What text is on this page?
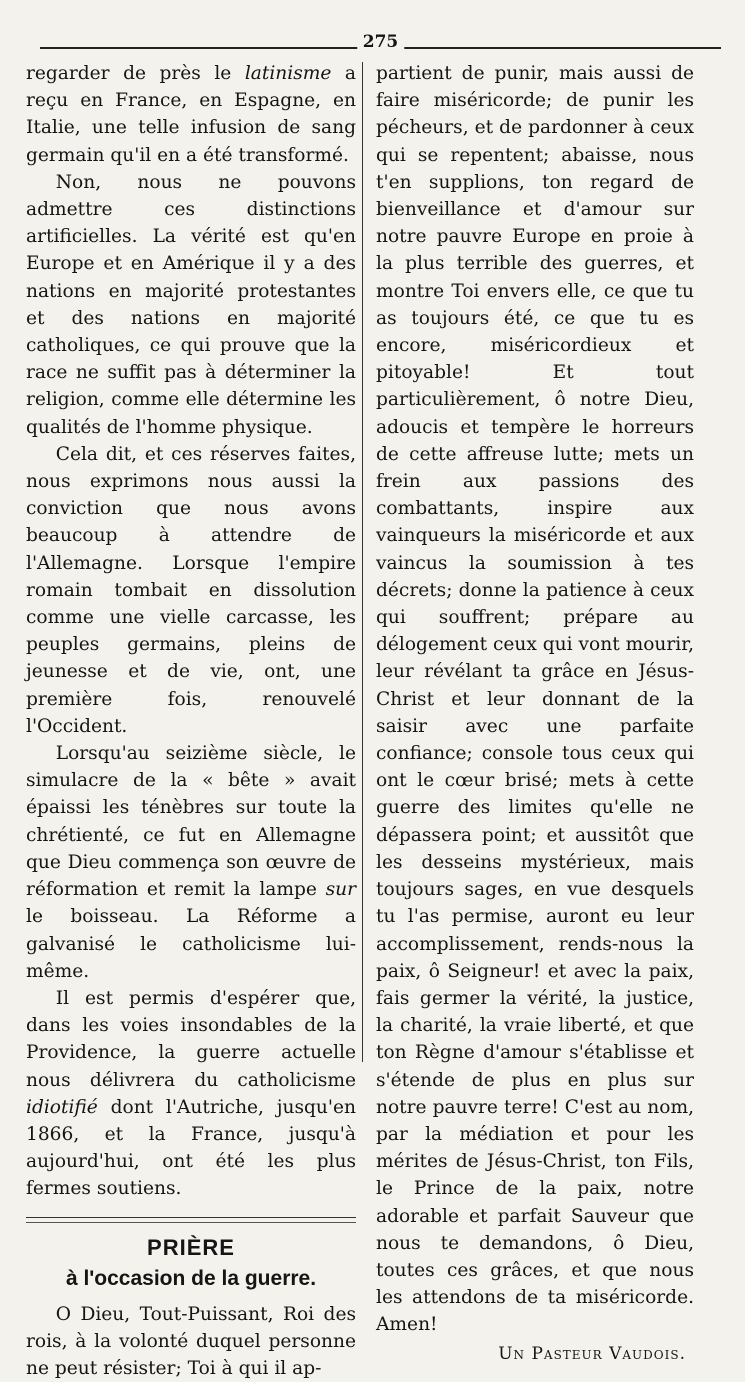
275

regarder de près le latinisme a reçu en France, en Espagne, en Italie, une telle infusion de sang germain qu'il en a été transformé.

Non, nous ne pouvons admettre ces distinctions artificielles. La vérité est qu'en Europe et en Amérique il y a des nations en majorité protestantes et des nations en majorité catholiques, ce qui prouve que la race ne suffit pas à déterminer la religion, comme elle détermine les qualités de l'homme physique.

Cela dit, et ces réserves faites, nous exprimons nous aussi la conviction que nous avons beaucoup à attendre de l'Allemagne. Lorsque l'empire romain tombait en dissolution comme une vielle carcasse, les peuples germains, pleins de jeunesse et de vie, ont, une première fois, renouvelé l'Occident.

Lorsqu'au seizième siècle, le simulacre de la « bête » avait épaissi les ténèbres sur toute la chrétienté, ce fut en Allemagne que Dieu commença son œuvre de réformation et remit la lampe sur le boisseau. La Réforme a galvanisé le catholicisme lui-même.

Il est permis d'espérer que, dans les voies insondables de la Providence, la guerre actuelle nous délivrera du catholicisme idiotifié dont l'Autriche, jusqu'en 1866, et la France, jusqu'à aujourd'hui, ont été les plus fermes soutiens.

PRIÈRE
à l'occasion de la guerre.

O Dieu, Tout-Puissant, Roi des rois, à la volonté duquel personne ne peut résister; Toi à qui il ap-

partient de punir, mais aussi de faire miséricorde; de punir les pécheurs, et de pardonner à ceux qui se repentent; abaisse, nous t'en supplions, ton regard de bienveillance et d'amour sur notre pauvre Europe en proie à la plus terrible des guerres, et montre Toi envers elle, ce que tu as toujours été, ce que tu es encore, miséricordieux et pitoyable! Et tout particulièrement, ô notre Dieu, adoucis et tempère le horreurs de cette affreuse lutte; mets un frein aux passions des combattants, inspire aux vainqueurs la miséricorde et aux vaincus la soumission à tes décrets; donne la patience à ceux qui souffrent; prépare au délogement ceux qui vont mourir, leur révélant ta grâce en Jésus-Christ et leur donnant de la saisir avec une parfaite confiance; console tous ceux qui ont le cœur brisé; mets à cette guerre des limites qu'elle ne dépassera point; et aussitôt que les desseins mystérieux, mais toujours sages, en vue desquels tu l'as permise, auront eu leur accomplissement, rends-nous la paix, ô Seigneur! et avec la paix, fais germer la vérité, la justice, la charité, la vraie liberté, et que ton Règne d'amour s'établisse et s'étende de plus en plus sur notre pauvre terre! C'est au nom, par la médiation et pour les mérites de Jésus-Christ, ton Fils, le Prince de la paix, notre adorable et parfait Sauveur que nous te demandons, ô Dieu, toutes ces grâces, et que nous les attendons de ta miséricorde. Amen!

Un Pasteur Vaudois.
